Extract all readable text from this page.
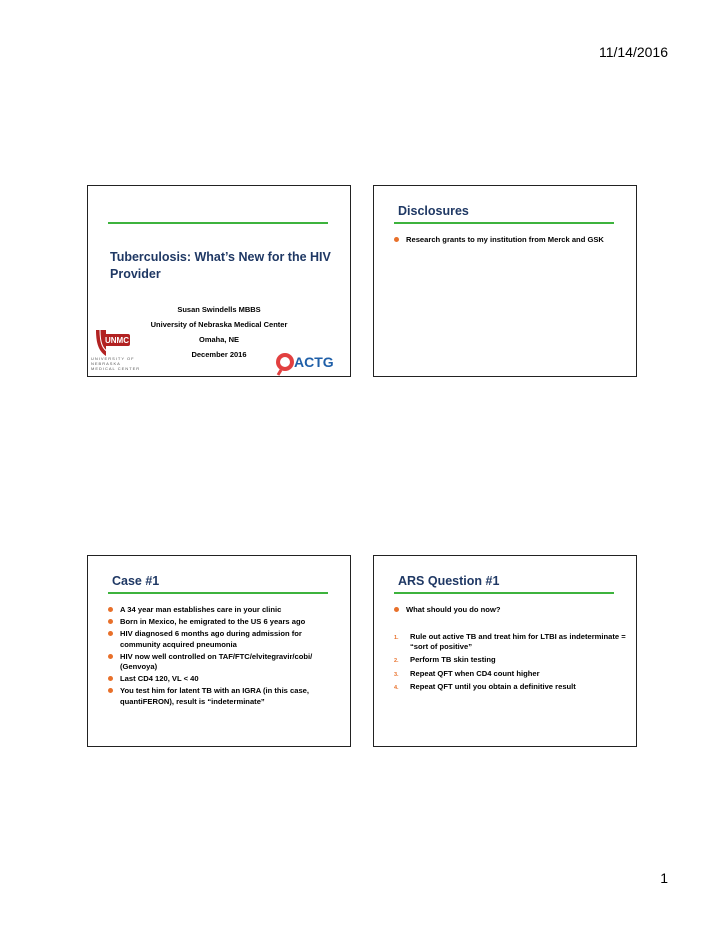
11/14/2016
Tuberculosis: What’s New for the HIV Provider
Susan Swindells MBBS
University of Nebraska Medical Center
Omaha, NE
December 2016
UNMC
UNIVERSITY OF
NEBRASKA
MEDICAL CENTER	ACTG
Disclosures
Research grants to my institution from Merck and GSK
Case #1
A 34 year man establishes care in your clinic
Born in Mexico, he emigrated to the US 6 years ago
HIV diagnosed 6 months ago during admission for community acquired pneumonia
HIV now well controlled on TAF/FTC/elvitegravir/cobi/ (Genvoya)
Last CD4 120, VL < 40
You test him for latent TB with an IGRA (in this case, quantiFERON), result is “indeterminate”
ARS Question #1
What should you do now?
1. Rule out active TB and treat him for LTBI as indeterminate = “sort of positive”
2. Perform TB skin testing
3. Repeat QFT when CD4 count higher
4. Repeat QFT until you obtain a definitive result
1
